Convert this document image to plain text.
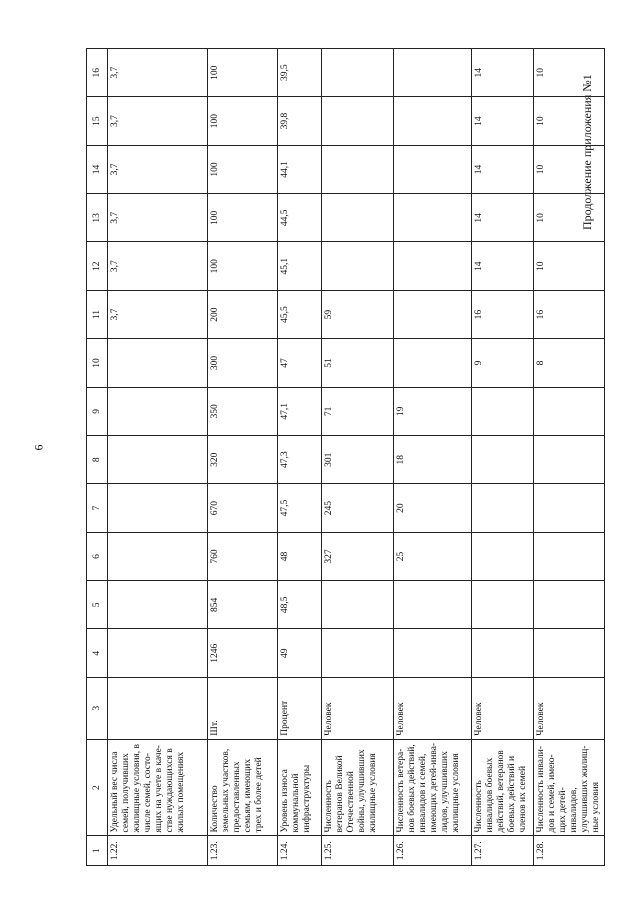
6
Продолжение приложения №1
1	2	3	4	5	6	7	8	9	10	11	12	13	14	15	16
1.22.	Удельный вес числа семей, получивших жилищные условия, в числе семей, состо-ящих на учете в каче-стве нуждающихся в жилых помещениях									3,7	3,7	3,7	3,7	3,7	3,7
1.23.	Количество земельных участков, предоставленных семьям, имеющих трех и более детей	Шт.	1246	854	760	670	320	350	300	200	100	100	100	100	100
1.24.	Уровень износа коммунальной инфраструктуры	Процент	49	48,5	48	47,5	47,3	47,1	47	45,5	45,1	44,5	44,1	39,8	39,5
1.25.	Численность ветеранов Великой Отечественной войны, улучшивших жилищные условия	Человек			327	245	301	71	51	59					
1.26.	Численность ветера-нов боевых действий, инвалидов и семей, имеющих детей-инва-лидов, улучшивших жилищные условия	Человек			25	20	18	19							
1.27.	Численность инвалидов боевых действий, ветеранов боевых действий и членов их семей	Человек							9	16	14	14	14	14	14
1.28.	Численность инвали-дов и семей, имею-щих детей-инвалидов, улучшивших жилищ-ные условия	Человек							8	16	10	10	10	10	10
